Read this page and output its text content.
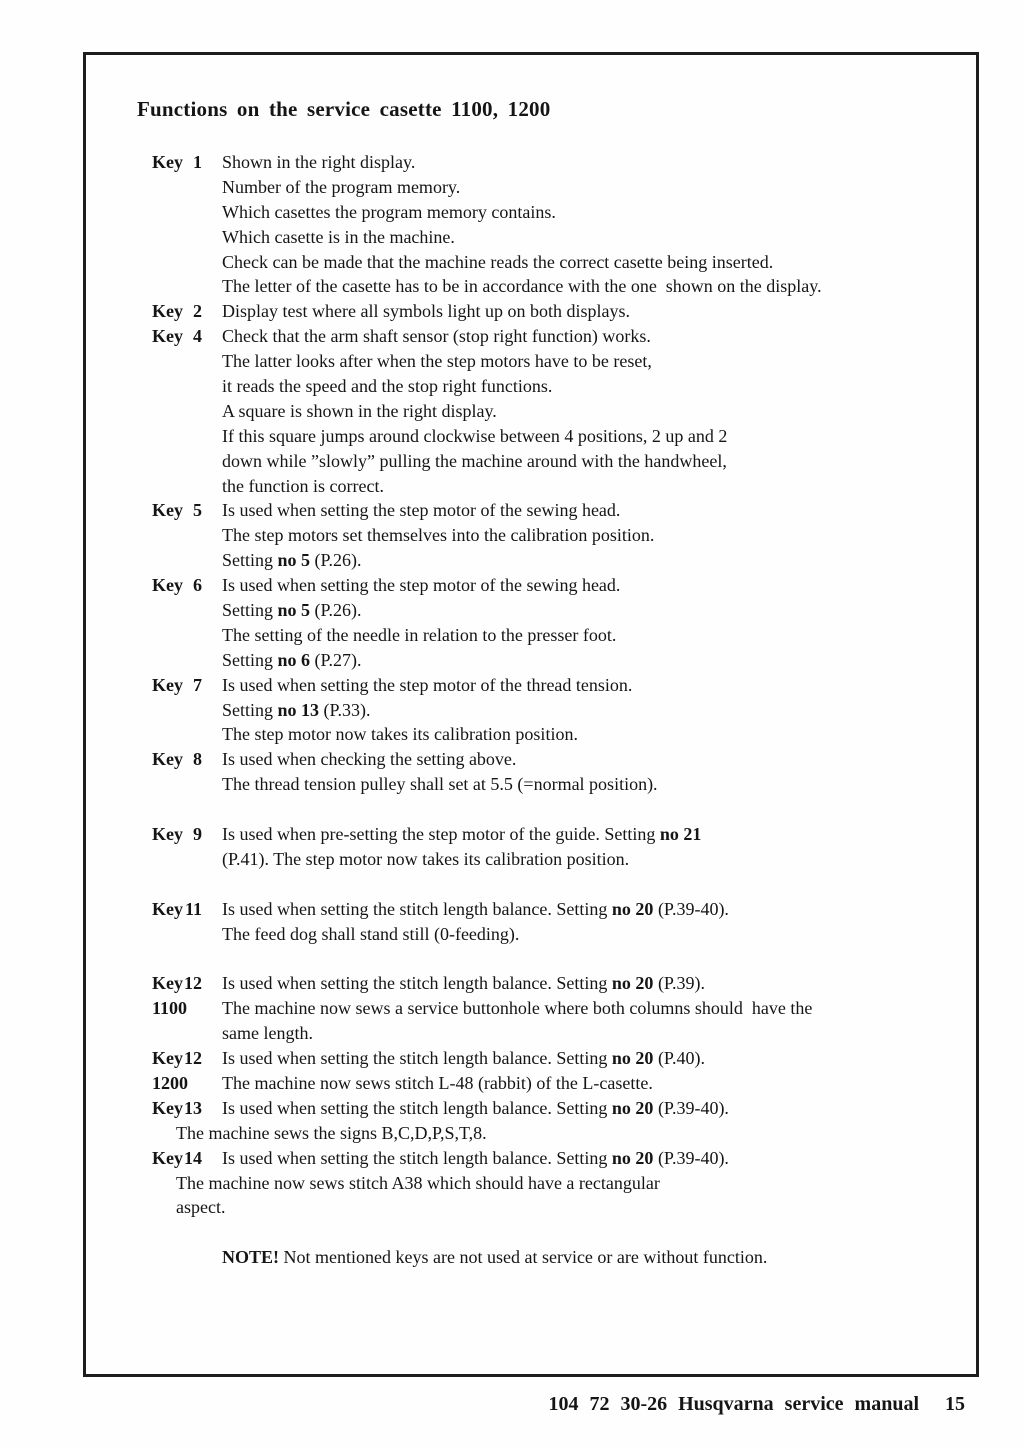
Functions on the service casette 1100, 1200
Key 1 Shown in the right display.
Number of the program memory.
Which casettes the program memory contains.
Which casette is in the machine.
Check can be made that the machine reads the correct casette being inserted.
The letter of the casette has to be in accordance with the one  shown on the display.
Key 2 Display test where all symbols light up on both displays.
Key 4 Check that the arm shaft sensor (stop right function) works.
The latter looks after when the step motors have to be reset,
it reads the speed and the stop right functions.
A square is shown in the right display.
If this square jumps around clockwise between 4 positions, 2 up and 2
down while ”slowly” pulling the machine around with the handwheel,
the function is correct.
Key 5 Is used when setting the step motor of the sewing head.
The step motors set themselves into the calibration position.
Setting no 5 (P.26).
Key 6 Is used when setting the step motor of the sewing head.
Setting no 5 (P.26).
The setting of the needle in relation to the presser foot.
Setting no 6 (P.27).
Key 7 Is used when setting the step motor of the thread tension.
Setting no 13 (P.33).
The step motor now takes its calibration position.
Key 8 Is used when checking the setting above.
The thread tension pulley shall set at 5.5 (=normal position).
Key 9 Is used when pre-setting the step motor of the guide. Setting no 21
(P.41). The step motor now takes its calibration position.
Key 11 Is used when setting the stitch length balance. Setting no 20 (P.39-40).
The feed dog shall stand still (0-feeding).
Key 12 Is used when setting the stitch length balance. Setting no 20 (P.39).
1100	The machine now sews a service buttonhole where both columns should  have the
same length.
Key 12 Is used when setting the stitch length balance. Setting no 20 (P.40).
1200	The machine now sews stitch L-48 (rabbit) of the L-casette.
Key 13 Is used when setting the stitch length balance. Setting no 20 (P.39-40).
The machine sews the signs B,C,D,P,S,T,8.
Key 14 Is used when setting the stitch length balance. Setting no 20 (P.39-40).
The machine now sews stitch A38 which should have a rectangular
aspect.
NOTE! Not mentioned keys are not used at service or are without function.
104 72 30-26 Husqvarna service manual 15
